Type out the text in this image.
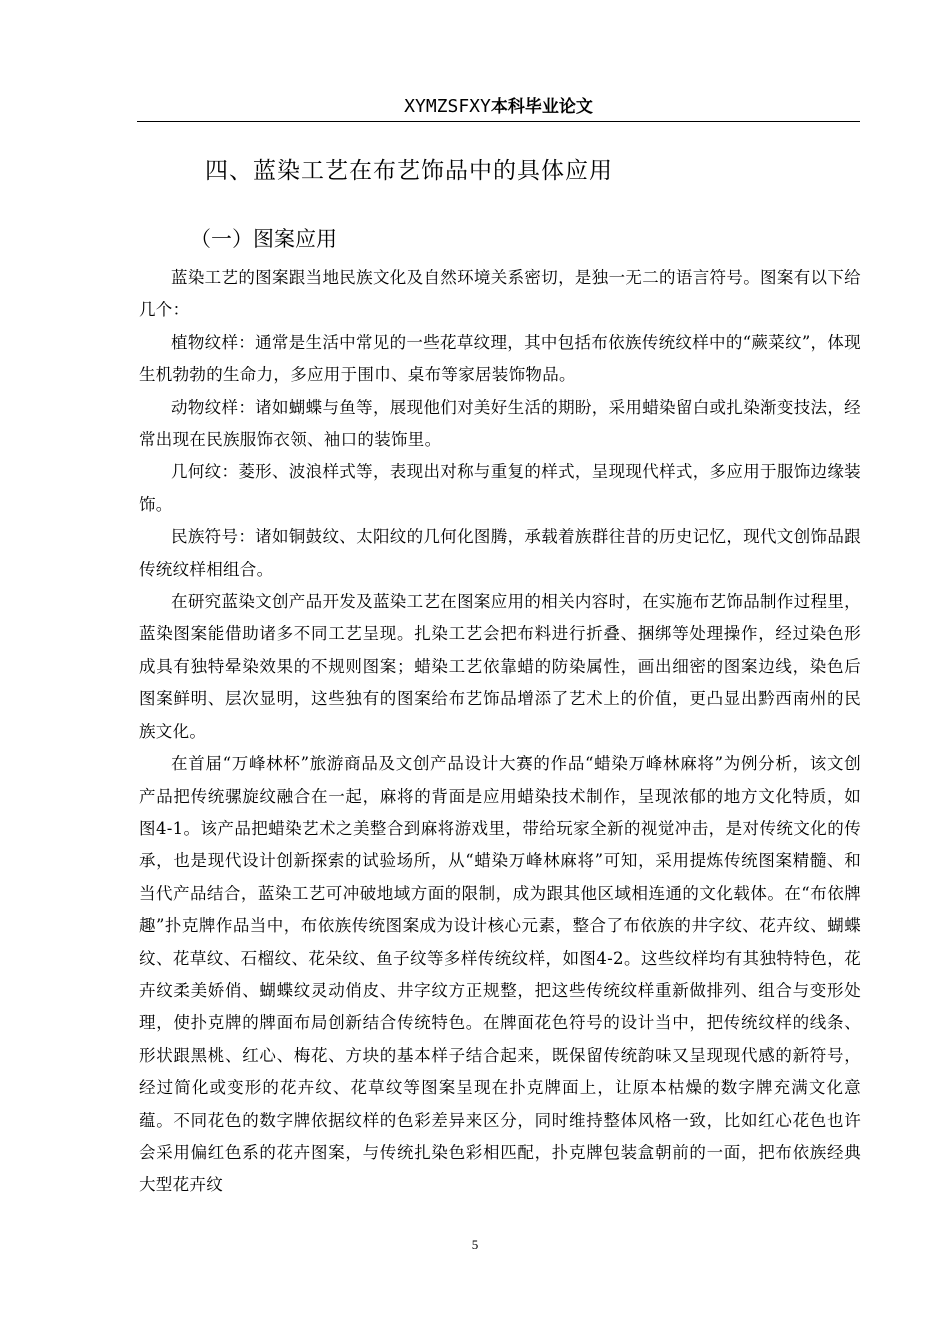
XYMZSFXY本科毕业论文
四、蓝染工艺在布艺饰品中的具体应用
（一）图案应用

蓝染工艺的图案跟当地民族文化及自然环境关系密切，是独一无二的语言符号。图案有以下给几个：

植物纹样：通常是生活中常见的一些花草纹理，其中包括布依族传统纹样中的“蕨菜纹”，体现生机勃勃的生命力，多应用于围巾、桌布等家居装饰物品。

动物纹样：诸如蝴蝶与鱼等，展现他们对美好生活的期盼，采用蜡染留白或扎染渐变技法，经常出现在民族服饰衣领、袖口的装饰里。

几何纹：菱形、波浪样式等，表现出对称与重复的样式，呈现现代样式，多应用于服饰边缘装饰。

民族符号：诸如铜鼓纹、太阳纹的几何化图腾，承载着族群往昔的历史记忆，现代文创饰品跟传统纹样相组合。

在研究蓝染文创产品开发及蓝染工艺在图案应用的相关内容时，在实施布艺饰品制作过程里，蓝染图案能借助诸多不同工艺呈现。扎染工艺会把布料进行折叠、捆绑等处理操作，经过染色形成具有独特晕染效果的不规则图案；蜡染工艺依靠蜡的防染属性，画出细密的图案边线，染色后图案鲜明、层次显明，这些独有的图案给布艺饰品增添了艺术上的价值，更凸显出黔西南州的民族文化。

在首届“万峰林杯”旅游商品及文创产品设计大赛的作品“蜡染万峰林麻将”为例分析，该文创产品把传统骡旋纹融合在一起，麻将的背面是应用蜡染技术制作，呈现浓郁的地方文化特质，如图4-1。该产品把蜡染艺术之美整合到麻将游戏里，带给玩家全新的视觉冲击，是对传统文化的传承，也是现代设计创新探索的试验场所，从“蜡染万峰林麻将”可知，采用提炼传统图案精髓、和当代产品结合，蓝染工艺可冲破地域方面的限制，成为跟其他区域相连通的文化载体。在“布依牌趣”扑克牌作品当中，布依族传统图案成为设计核心元素，整合了布依族的井字纹、花卉纹、蝴蝶纹、花草纹、石榴纹、花朵纹、鱼子纹等多样传统纹样，如图4-2。这些纹样均有其独特特色，花卉纹柔美娇俏、蝴蝶纹灵动俏皮、井字纹方正规整，把这些传统纹样重新做排列、组合与变形处理，使扑克牌的牌面布局创新结合传统特色。在牌面花色符号的设计当中，把传统纹样的线条、形状跟黑桃、红心、梅花、方块的基本样子结合起来，既保留传统韵味又呈现现代感的新符号，经过简化或变形的花卉纹、花草纹等图案呈现在扑克牌面上，让原本枯燥的数字牌充满文化意蕴。不同花色的数字牌依据纹样的色彩差异来区分，同时维持整体风格一致，比如红心花色也许会采用偏红色系的花卉图案，与传统扎染色彩相匹配，扑克牌包装盒朝前的一面，把布依族经典大型花卉纹

5
